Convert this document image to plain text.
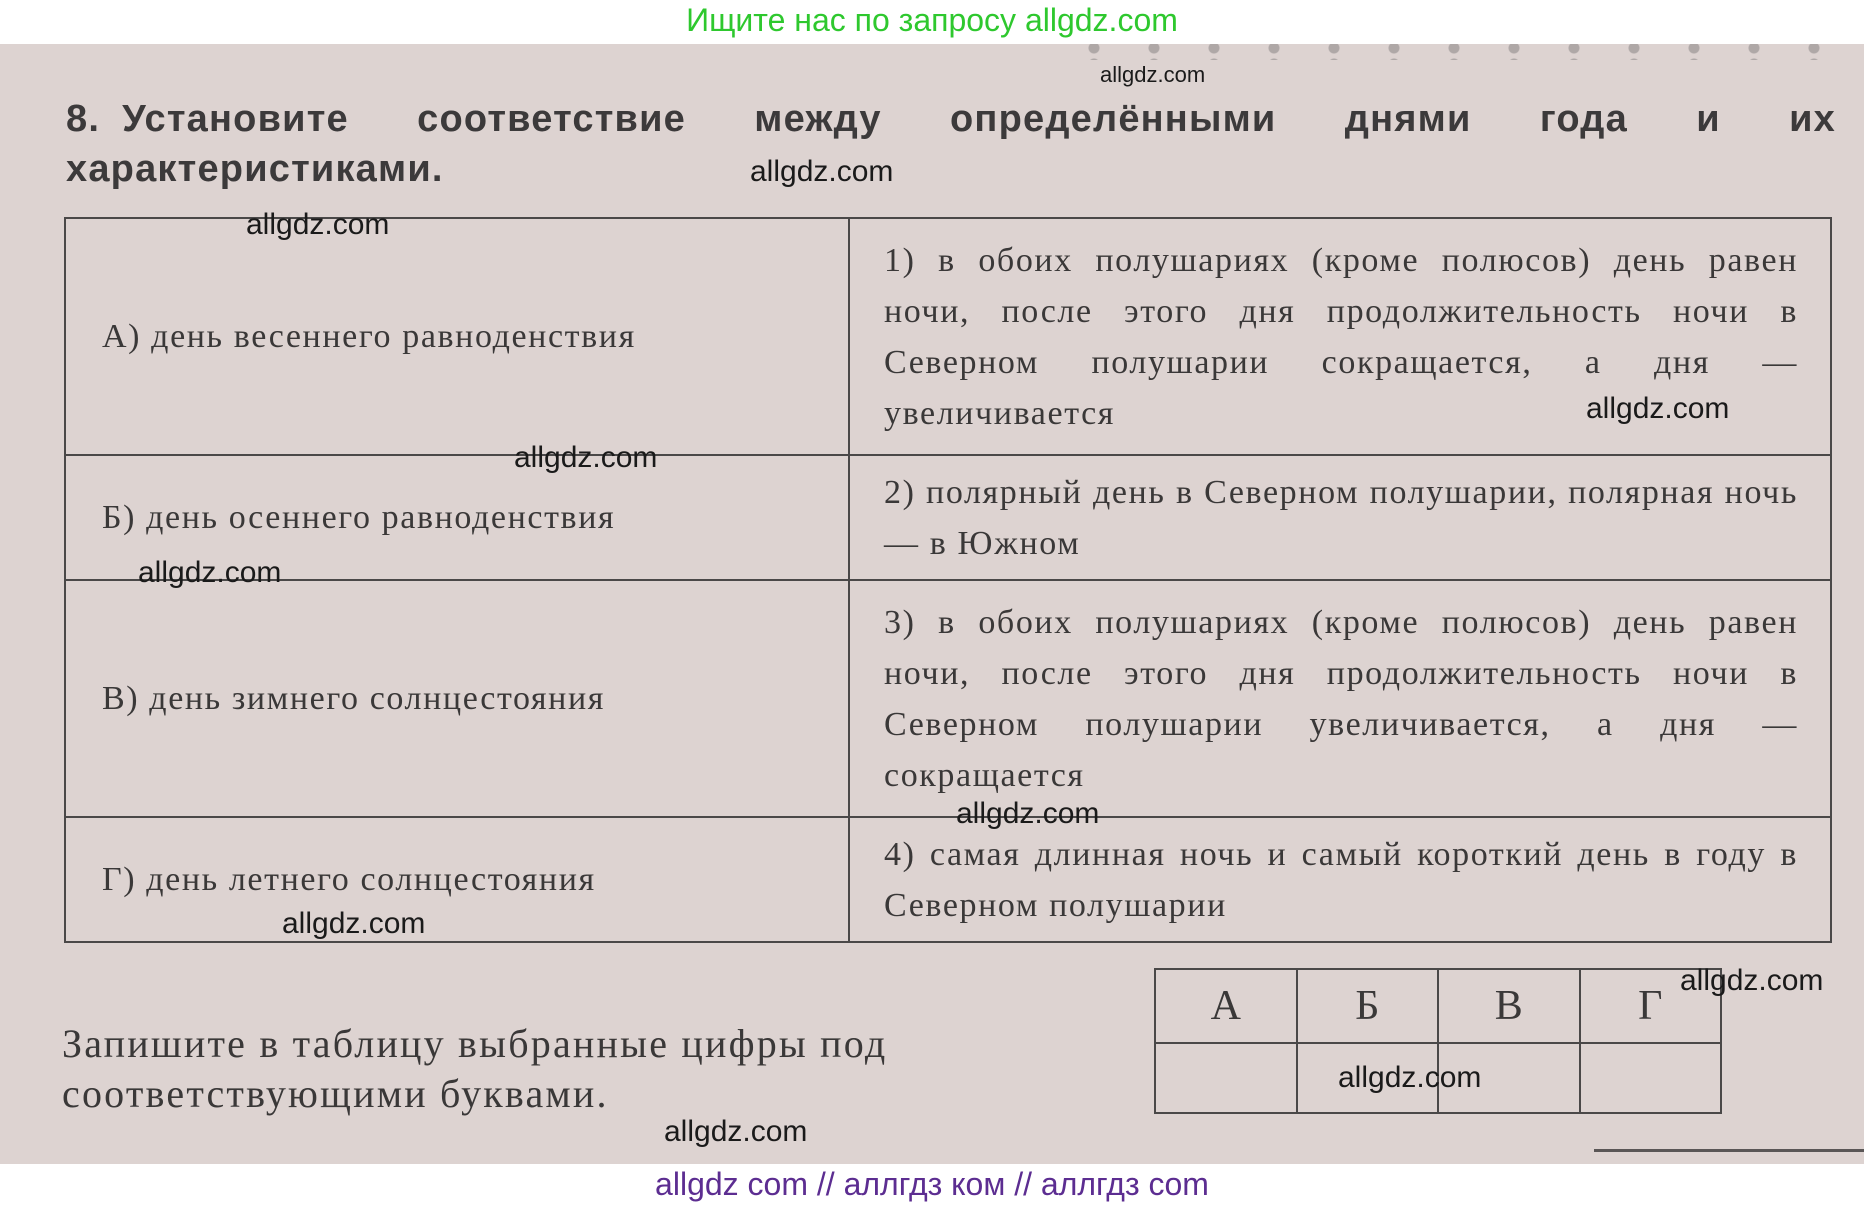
Ищите нас по запросу allgdz.com
8. Установите соответствие между определёнными днями года и их характеристиками.
А) день весеннего равноденствия	1) в обоих полушариях (кроме полюсов) день равен ночи, после этого дня продолжительность ночи в Северном полушарии сокращается, а дня — увеличивается
Б) день осеннего равноденствия	2) полярный день в Северном полушарии, полярная ночь — в Южном
В) день зимнего солнцестояния	3) в обоих полушариях (кроме полюсов) день равен ночи, после этого дня продолжительность ночи в Северном полушарии увеличивается, а дня — сокращается
Г) день летнего солнцестояния	4) самая длинная ночь и самый короткий день в году в Северном полушарии
Запишите в таблицу выбранные цифры под соответствующими буквами.
А	Б	В	Г

allgdz.com
allgdz.com
allgdz.com
allgdz.com
allgdz.com
allgdz.com
allgdz.com
allgdz.com
allgdz.com
allgdz.com
allgdz.com
allgdz com // аллгдз ком // аллгдз com
